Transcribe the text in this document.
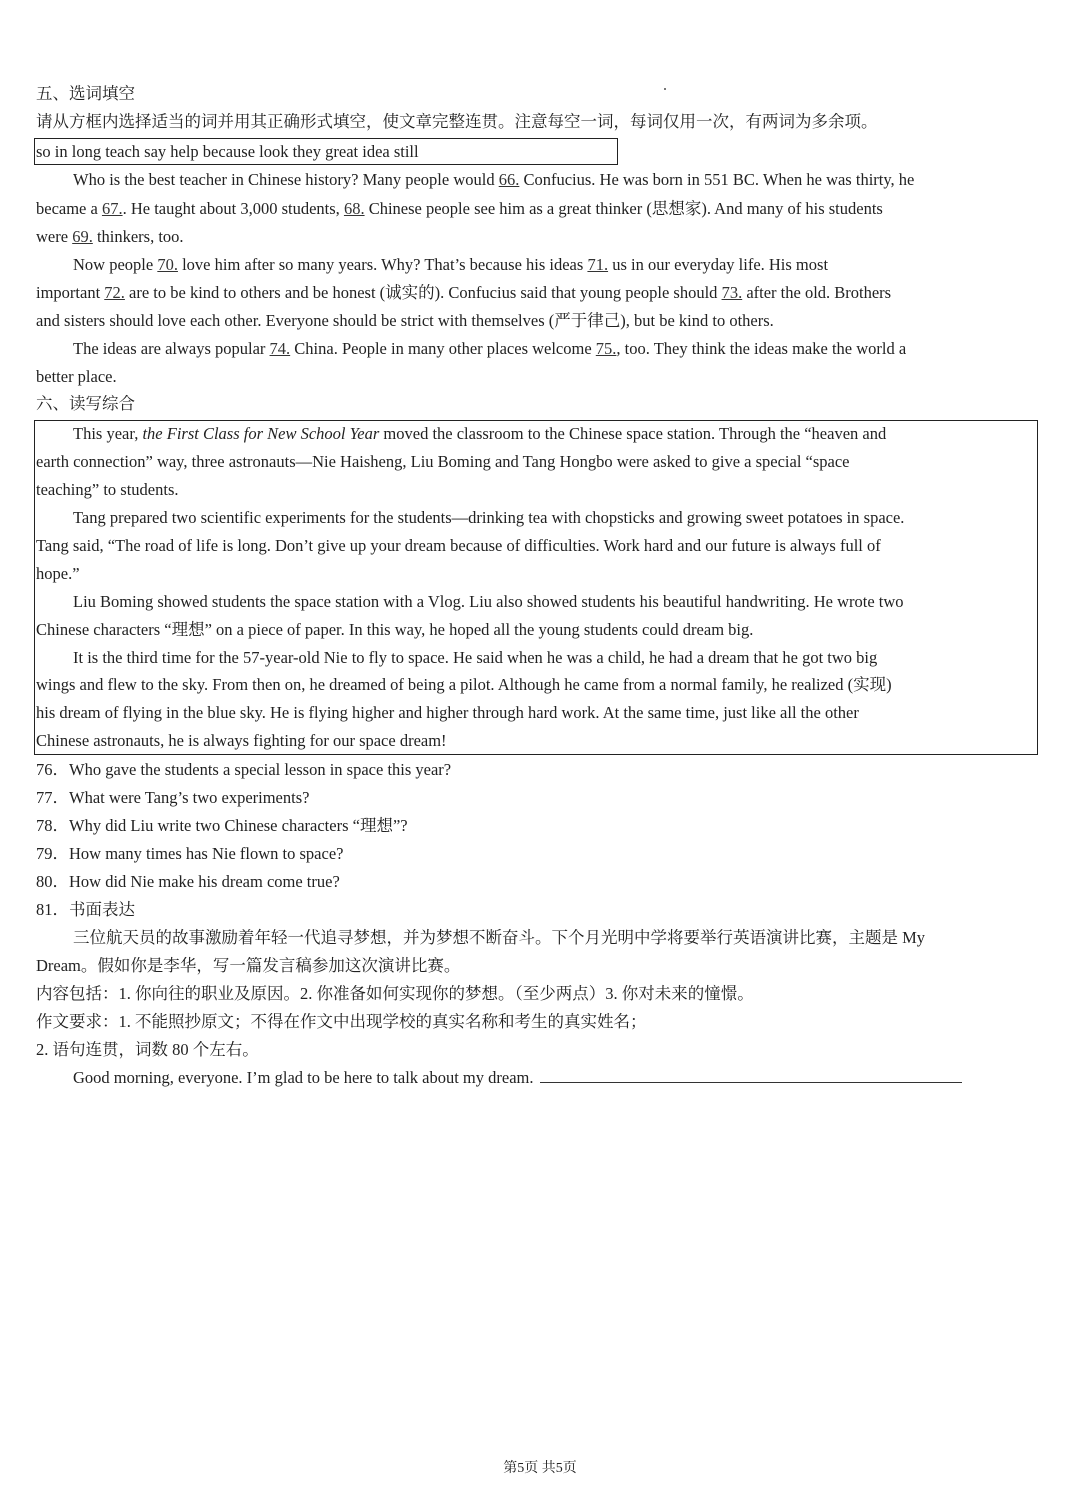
五、选词填空
请从方框内选择适当的词并用其正确形式填空，使文章完整连贯。注意每空一词，每词仅用一次，有两词为多余项。
so in long teach say help because look they great idea still
Who is the best teacher in Chinese history? Many people would 66. Confucius. He was born in 551 BC. When he was thirty, he
became a 67.. He taught about 3,000 students, 68. Chinese people see him as a great thinker (思想家). And many of his students
were 69. thinkers, too.
Now people 70. love him after so many years. Why? That’s because his ideas 71. us in our everyday life. His most
important 72. are to be kind to others and be honest (诚实的). Confucius said that young people should 73. after the old. Brothers
and sisters should love each other. Everyone should be strict with themselves (严于律己), but be kind to others.
The ideas are always popular 74. China. People in many other places welcome 75., too. They think the ideas make the world a
better place.
六、读写综合
This year, the First Class for New School Year moved the classroom to the Chinese space station. Through the “heaven and
earth connection” way, three astronauts—Nie Haisheng, Liu Boming and Tang Hongbo were asked to give a special “space
teaching” to students.
Tang prepared two scientific experiments for the students—drinking tea with chopsticks and growing sweet potatoes in space.
Tang said, “The road of life is long. Don’t give up your dream because of difficulties. Work hard and our future is always full of
hope.”
Liu Boming showed students the space station with a Vlog. Liu also showed students his beautiful handwriting. He wrote two
Chinese characters “理想” on a piece of paper. In this way, he hoped all the young students could dream big.
It is the third time for the 57-year-old Nie to fly to space. He said when he was a child, he had a dream that he got two big
wings and flew to the sky. From then on, he dreamed of being a pilot. Although he came from a normal family, he realized (实现)
his dream of flying in the blue sky. He is flying higher and higher through hard work. At the same time, just like all the other
Chinese astronauts, he is always fighting for our space dream!
76．Who gave the students a special lesson in space this year?
77．What were Tang’s two experiments?
78．Why did Liu write two Chinese characters “理想”?
79．How many times has Nie flown to space?
80．How did Nie make his dream come true?
81．书面表达
三位航天员的故事激励着年轻一代追寻梦想，并为梦想不断奋斗。下个月光明中学将要举行英语演讲比赛，主题是 My
Dream。假如你是李华，写一篇发言稿参加这次演讲比赛。
内容包括：1. 你向往的职业及原因。2. 你准备如何实现你的梦想。（至少两点）3. 你对未来的憧憬。
作文要求：1. 不能照抄原文；不得在作文中出现学校的真实名称和考生的真实姓名；
2. 语句连贯，词数 80 个左右。
Good morning, everyone. I’m glad to be here to talk about my dream.
第5页 共5页
